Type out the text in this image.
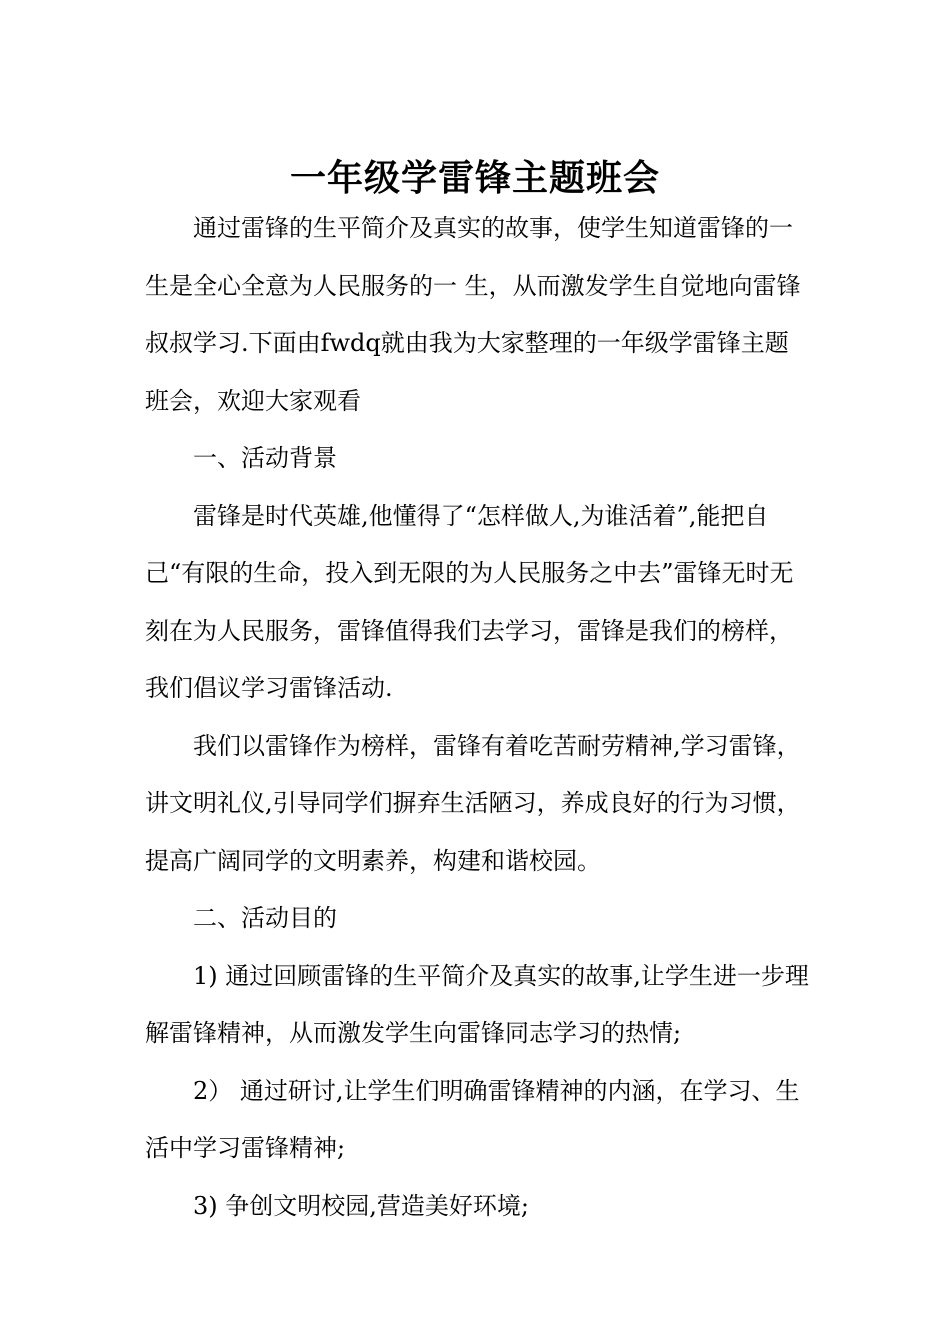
一年级学雷锋主题班会

通过雷锋的生平简介及真实的故事，使学生知道雷锋的一生是全心全意为人民服务的一 生，从而激发学生自觉地向雷锋叔叔学习.下面由fwdq就由我为大家整理的一年级学雷锋主题班会，欢迎大家观看

一、活动背景

雷锋是时代英雄,他懂得了“怎样做人,为谁活着”,能把自己“有限的生命，投入到无限的为人民服务之中去”雷锋无时无刻在为人民服务，雷锋值得我们去学习，雷锋是我们的榜样，我们倡议学习雷锋活动.

我们以雷锋作为榜样，雷锋有着吃苦耐劳精神,学习雷锋，讲文明礼仪,引导同学们摒弃生活陋习，养成良好的行为习惯，提高广阔同学的文明素养，构建和谐校园。

二、活动目的

1) 通过回顾雷锋的生平简介及真实的故事,让学生进一步理解雷锋精神，从而激发学生向雷锋同志学习的热情;

2） 通过研讨,让学生们明确雷锋精神的内涵，在学习、生活中学习雷锋精神;

3) 争创文明校园,营造美好环境;
